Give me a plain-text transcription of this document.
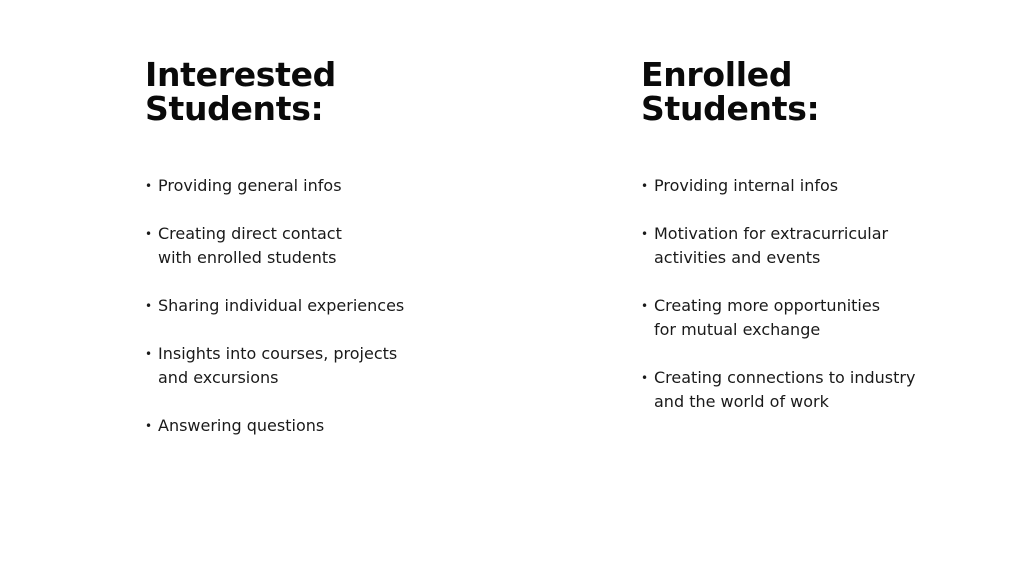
Interested
Students:
• Providing general infos
• Creating direct contact
with enrolled students
• Sharing individual experiences
• Insights into courses, projects
and excursions
• Answering questions
Enrolled
Students:
• Providing internal infos
• Motivation for extracurricular
activities and events
• Creating more opportunities
for mutual exchange
• Creating connections to industry
and the world of work
